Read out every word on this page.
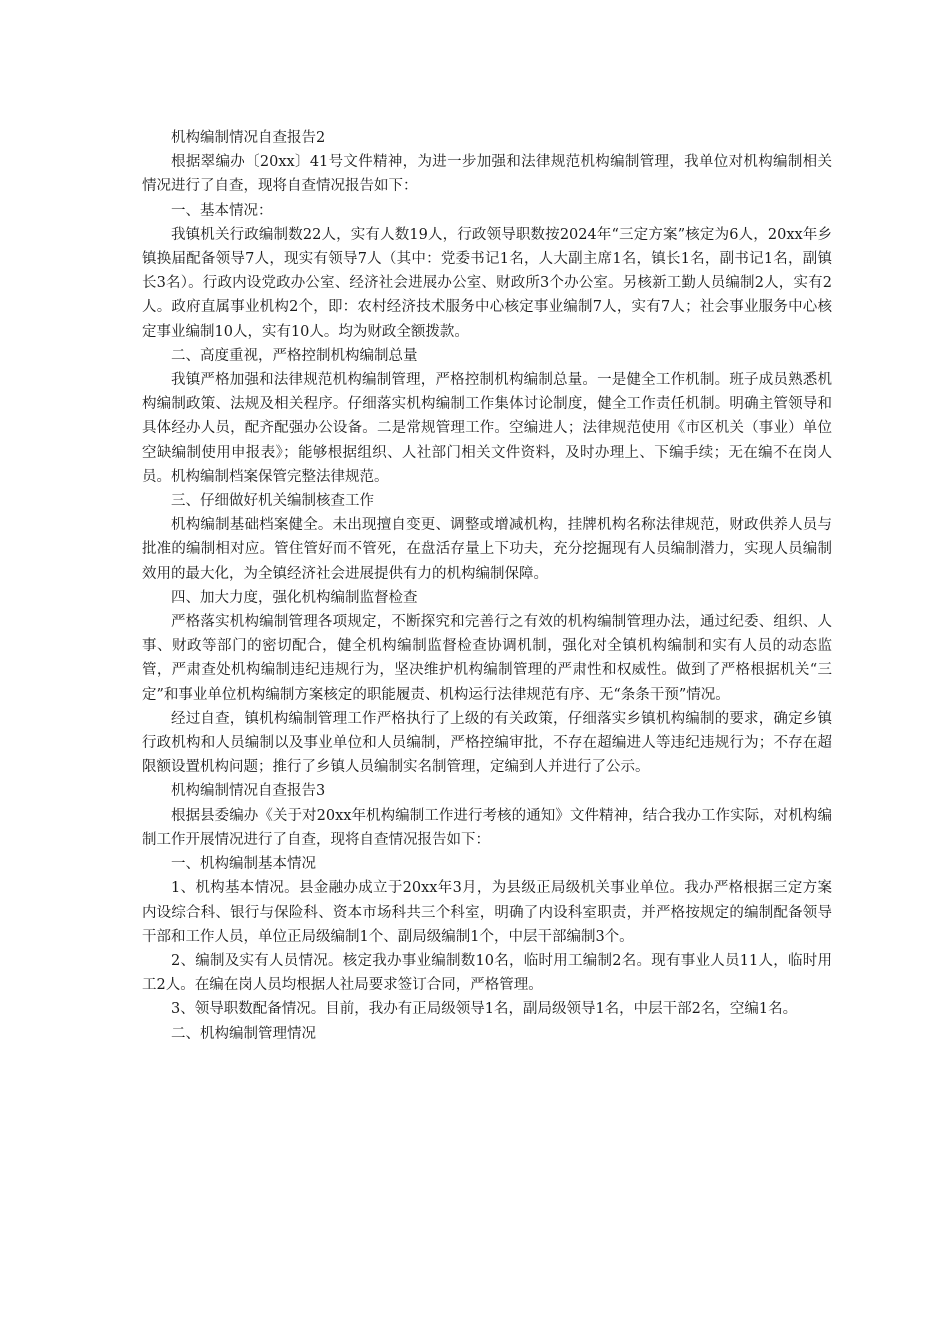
机构编制情况自查报告2

根据翠编办〔20xx〕41号文件精神，为进一步加强和法律规范机构编制管理，我单位对机构编制相关情况进行了自查，现将自查情况报告如下：

一、基本情况：

我镇机关行政编制数22人，实有人数19人，行政领导职数按2024年“三定方案”核定为6人，20xx年乡镇换届配备领导7人，现实有领导7人（其中：党委书记1名，人大副主席1名，镇长1名，副书记1名，副镇长3名）。行政内设党政办公室、经济社会进展办公室、财政所3个办公室。另核新工勤人员编制2人，实有2人。政府直属事业机构2个，即：农村经济技术服务中心核定事业编制7人，实有7人；社会事业服务中心核定事业编制10人，实有10人。均为财政全额拨款。

二、高度重视，严格控制机构编制总量

我镇严格加强和法律规范机构编制管理，严格控制机构编制总量。一是健全工作机制。班子成员熟悉机构编制政策、法规及相关程序。仔细落实机构编制工作集体讨论制度，健全工作责任机制。明确主管领导和具体经办人员，配齐配强办公设备。二是常规管理工作。空编进人；法律规范使用《市区机关（事业）单位空缺编制使用申报表》；能够根据组织、人社部门相关文件资料，及时办理上、下编手续；无在编不在岗人员。机构编制档案保管完整法律规范。

三、仔细做好机关编制核查工作

机构编制基础档案健全。未出现擅自变更、调整或增减机构，挂牌机构名称法律规范，财政供养人员与批准的编制相对应。管住管好而不管死，在盘活存量上下功夫，充分挖掘现有人员编制潜力，实现人员编制效用的最大化，为全镇经济社会进展提供有力的机构编制保障。

四、加大力度，强化机构编制监督检查

严格落实机构编制管理各项规定，不断探究和完善行之有效的机构编制管理办法，通过纪委、组织、人事、财政等部门的密切配合，健全机构编制监督检查协调机制，强化对全镇机构编制和实有人员的动态监管，严肃查处机构编制违纪违规行为，坚决维护机构编制管理的严肃性和权威性。做到了严格根据机关“三定”和事业单位机构编制方案核定的职能履责、机构运行法律规范有序、无“条条干预”情况。

经过自查，镇机构编制管理工作严格执行了上级的有关政策，仔细落实乡镇机构编制的要求，确定乡镇行政机构和人员编制以及事业单位和人员编制，严格控编审批，不存在超编进人等违纪违规行为；不存在超限额设置机构问题；推行了乡镇人员编制实名制管理，定编到人并进行了公示。

机构编制情况自查报告3

根据县委编办《关于对20xx年机构编制工作进行考核的通知》文件精神，结合我办工作实际，对机构编制工作开展情况进行了自查，现将自查情况报告如下：

一、机构编制基本情况

1、机构基本情况。县金融办成立于20xx年3月，为县级正局级机关事业单位。我办严格根据三定方案内设综合科、银行与保险科、资本市场科共三个科室，明确了内设科室职责，并严格按规定的编制配备领导干部和工作人员，单位正局级编制1个、副局级编制1个，中层干部编制3个。

2、编制及实有人员情况。核定我办事业编制数10名，临时用工编制2名。现有事业人员11人，临时用工2人。在编在岗人员均根据人社局要求签订合同，严格管理。

3、领导职数配备情况。目前，我办有正局级领导1名，副局级领导1名，中层干部2名，空编1名。

二、机构编制管理情况
